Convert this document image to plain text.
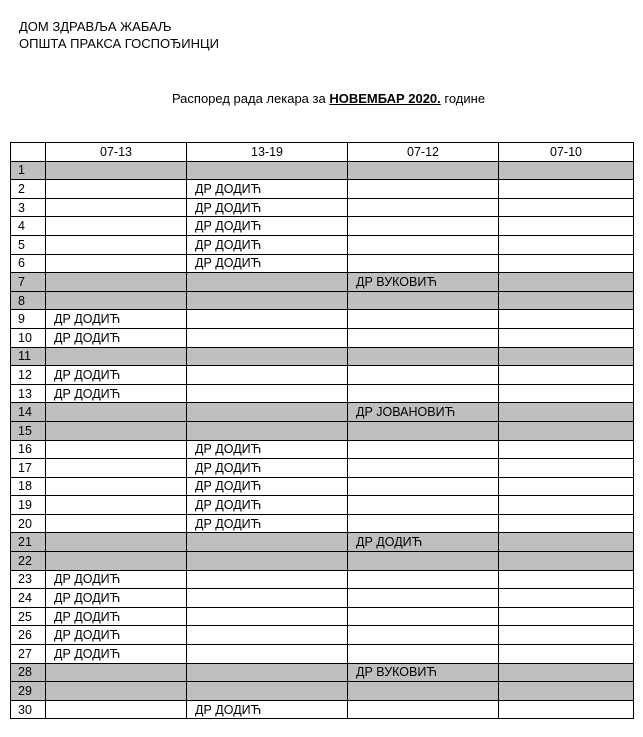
ДОМ ЗДРАВЉА ЖАБАЉ
ОПШТА ПРАКСА ГОСПОЂИНЦИ
Распоред рада лекара за НОВЕМБАР 2020. године
	07-13	13-19	07-12	07-10
1				
2		ДР ДОДИЋ		
3		ДР ДОДИЋ		
4		ДР ДОДИЋ		
5		ДР ДОДИЋ		
6		ДР ДОДИЋ		
7			ДР ВУКОВИЋ	
8				
9	ДР ДОДИЋ			
10	ДР ДОДИЋ			
11				
12	ДР ДОДИЋ			
13	ДР ДОДИЋ			
14			ДР ЈОВАНОВИЋ	
15				
16		ДР ДОДИЋ		
17		ДР ДОДИЋ		
18		ДР ДОДИЋ		
19		ДР ДОДИЋ		
20		ДР ДОДИЋ		
21			ДР ДОДИЋ	
22				
23	ДР ДОДИЋ			
24	ДР ДОДИЋ			
25	ДР ДОДИЋ			
26	ДР ДОДИЋ			
27	ДР ДОДИЋ			
28			ДР ВУКОВИЋ	
29				
30		ДР ДОДИЋ		
